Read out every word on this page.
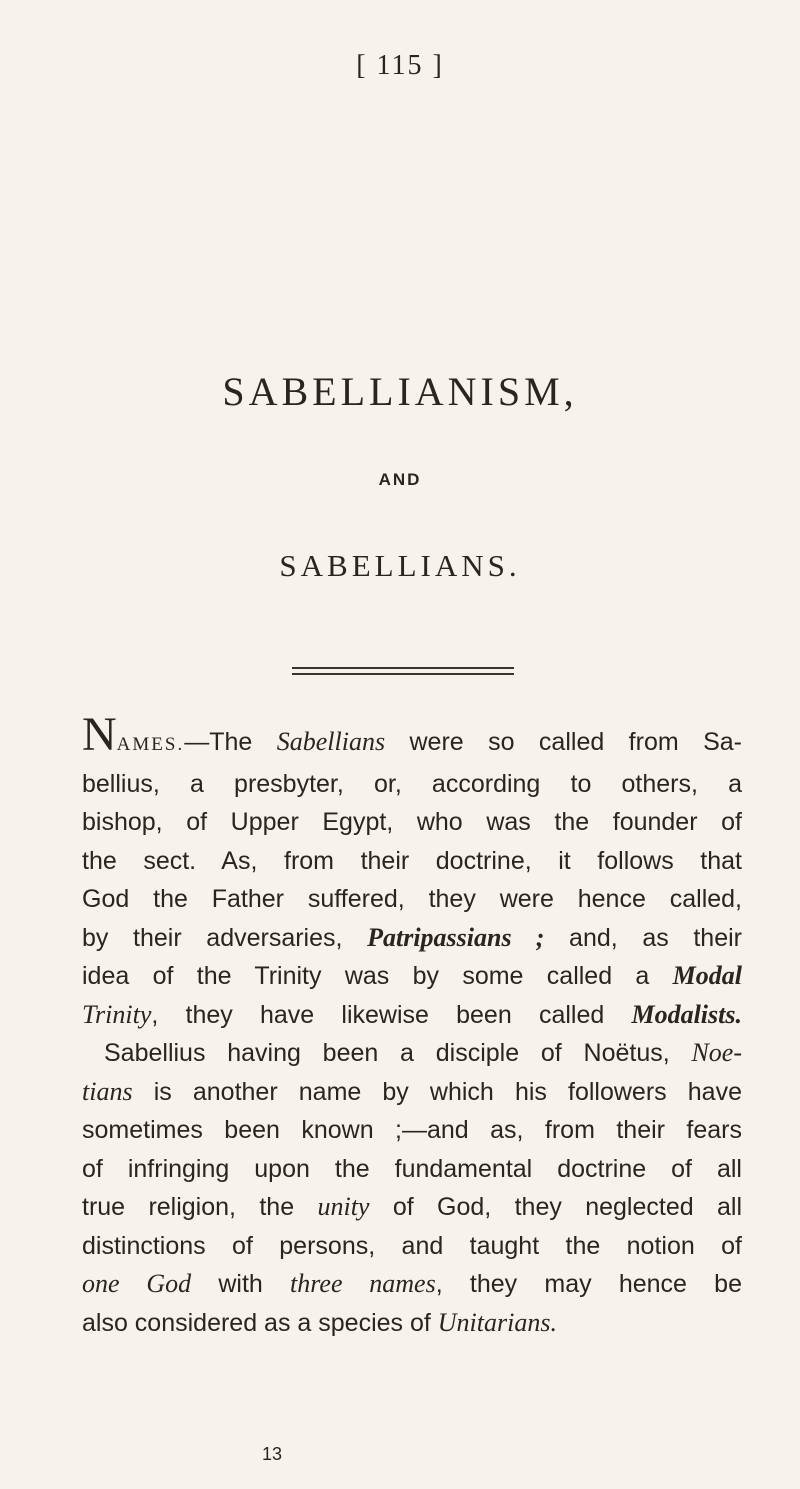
[ 115 ]
SABELLIANISM,
AND
SABELLIANS.
NAMES.—The Sabellians were so called from Sa-
bellius, a presbyter, or, according to others, a
bishop, of Upper Egypt, who was the founder of
the sect. As, from their doctrine, it follows that
God the Father suffered, they were hence called,
by their adversaries, Patripassians ; and, as their
idea of the Trinity was by some called a Modal
Trinity, they have likewise been called Modalists.
Sabellius having been a disciple of Noëtus, Noe-
tians is another name by which his followers have
sometimes been known ;—and as, from their fears
of infringing upon the fundamental doctrine of all
true religion, the unity of God, they neglected all
distinctions of persons, and taught the notion of
one God with three names, they may hence be
also considered as a species of Unitarians.
13
